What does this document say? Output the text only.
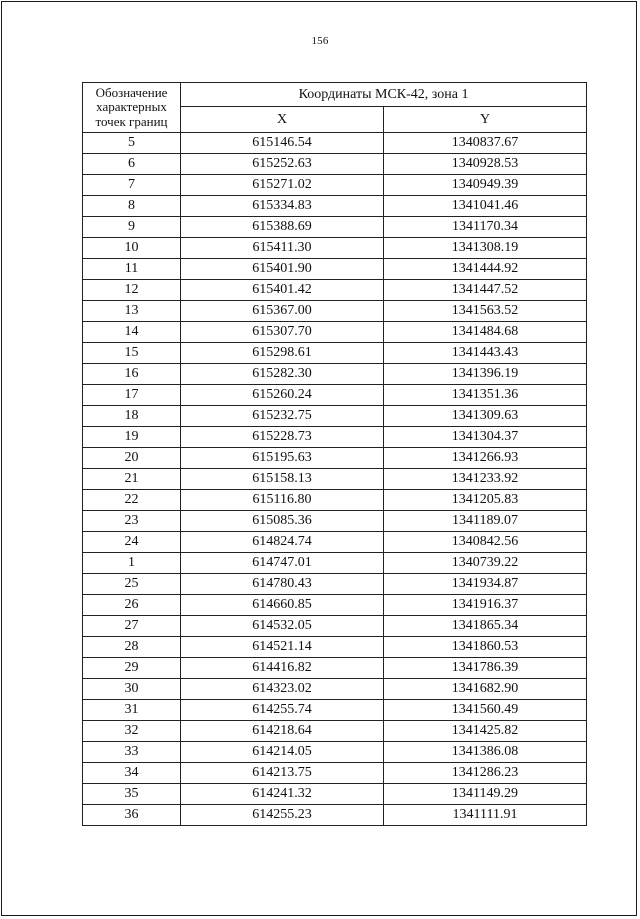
156
Обозначение характерных точек границ	Координаты МСК-42, зона 1	
	X	Y
5	615146.54	1340837.67
6	615252.63	1340928.53
7	615271.02	1340949.39
8	615334.83	1341041.46
9	615388.69	1341170.34
10	615411.30	1341308.19
11	615401.90	1341444.92
12	615401.42	1341447.52
13	615367.00	1341563.52
14	615307.70	1341484.68
15	615298.61	1341443.43
16	615282.30	1341396.19
17	615260.24	1341351.36
18	615232.75	1341309.63
19	615228.73	1341304.37
20	615195.63	1341266.93
21	615158.13	1341233.92
22	615116.80	1341205.83
23	615085.36	1341189.07
24	614824.74	1340842.56
1	614747.01	1340739.22
25	614780.43	1341934.87
26	614660.85	1341916.37
27	614532.05	1341865.34
28	614521.14	1341860.53
29	614416.82	1341786.39
30	614323.02	1341682.90
31	614255.74	1341560.49
32	614218.64	1341425.82
33	614214.05	1341386.08
34	614213.75	1341286.23
35	614241.32	1341149.29
36	614255.23	1341111.91
